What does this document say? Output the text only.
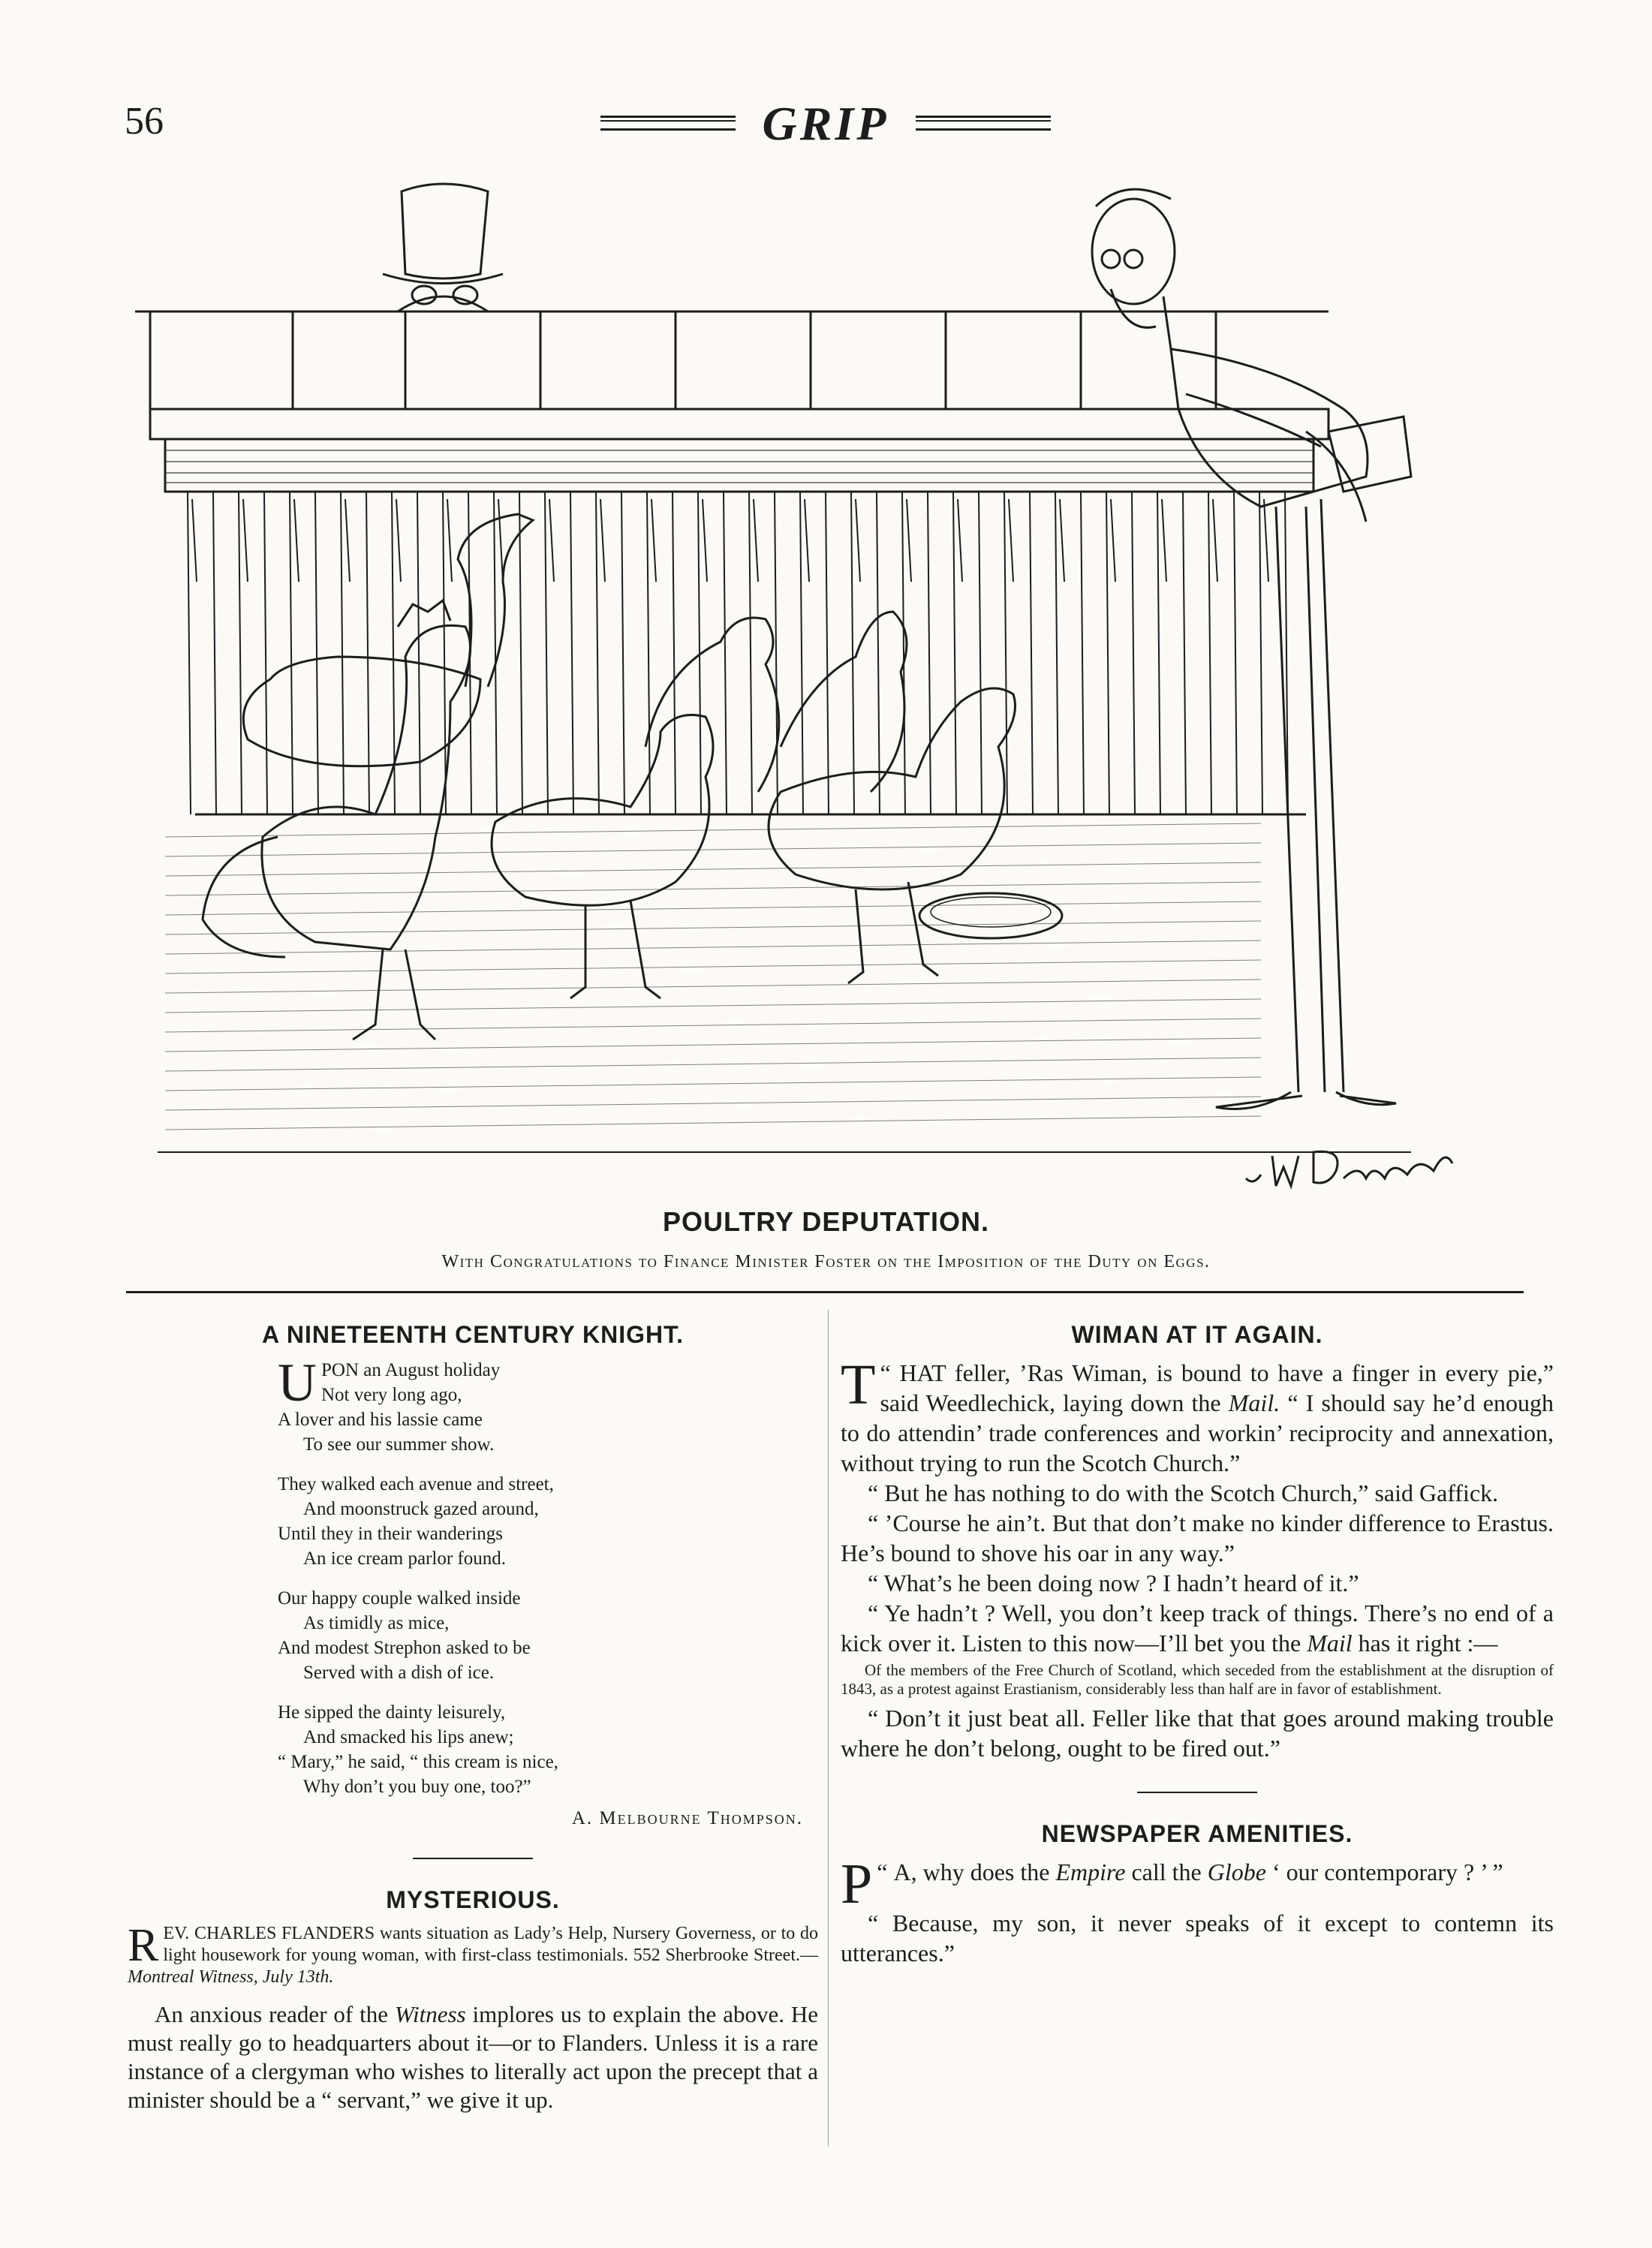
56	GRIP
POULTRY DEPUTATION.
With Congratulations to Finance Minister Foster on the Imposition of the Duty on Eggs.
A NINETEENTH CENTURY KNIGHT.
U PON an August holiday
Not very long ago,
A lover and his lassie came
To see our summer show.
They walked each avenue and street,
And moonstruck gazed around,
Until they in their wanderings
An ice cream parlor found.
Our happy couple walked inside
As timidly as mice,
And modest Strephon asked to be
Served with a dish of ice.
He sipped the dainty leisurely,
And smacked his lips anew;
“ Mary,” he said, “ this cream is nice,
Why don’t you buy one, too?”
A. Melbourne Thompson.
MYSTERIOUS.
REV. CHARLES FLANDERS wants situation as Lady’s Help, Nursery Governess, or to do light housework for young woman, with first-class testimonials. 552 Sherbrooke Street.— Montreal Witness, July 13th.
An anxious reader of the Witness implores us to explain the above. He must really go to headquarters about it—or to Flanders. Unless it is a rare instance of a clergyman who wishes to literally act upon the precept that a minister should be a “ servant,” we give it up.
WIMAN AT IT AGAIN.
“
T HAT feller, ’Ras Wiman, is bound to have a finger in every pie,” said Weedlechick, laying down the Mail. “ I should say he’d enough to do attendin’ trade conferences and workin’ reciprocity and annexation, without trying to run the Scotch Church.”
“ But he has nothing to do with the Scotch Church,” said Gaffick.
“ ’Course he ain’t. But that don’t make no kinder difference to Erastus. He’s bound to shove his oar in any way.”
“ What’s he been doing now ? I hadn’t heard of it.”
“ Ye hadn’t ? Well, you don’t keep track of things. There’s no end of a kick over it. Listen to this now—I’ll bet you the Mail has it right :—
Of the members of the Free Church of Scotland, which seceded from the establishment at the disruption of 1843, as a protest against Erastianism, considerably less than half are in favor of establishment.
“ Don’t it just beat all. Feller like that that goes around making trouble where he don’t belong, ought to be fired out.”
NEWSPAPER AMENITIES.
“
P A, why does the Empire call the Globe ‘ our contemporary ? ’ ”
“ Because, my son, it never speaks of it except to contemn its utterances.”
